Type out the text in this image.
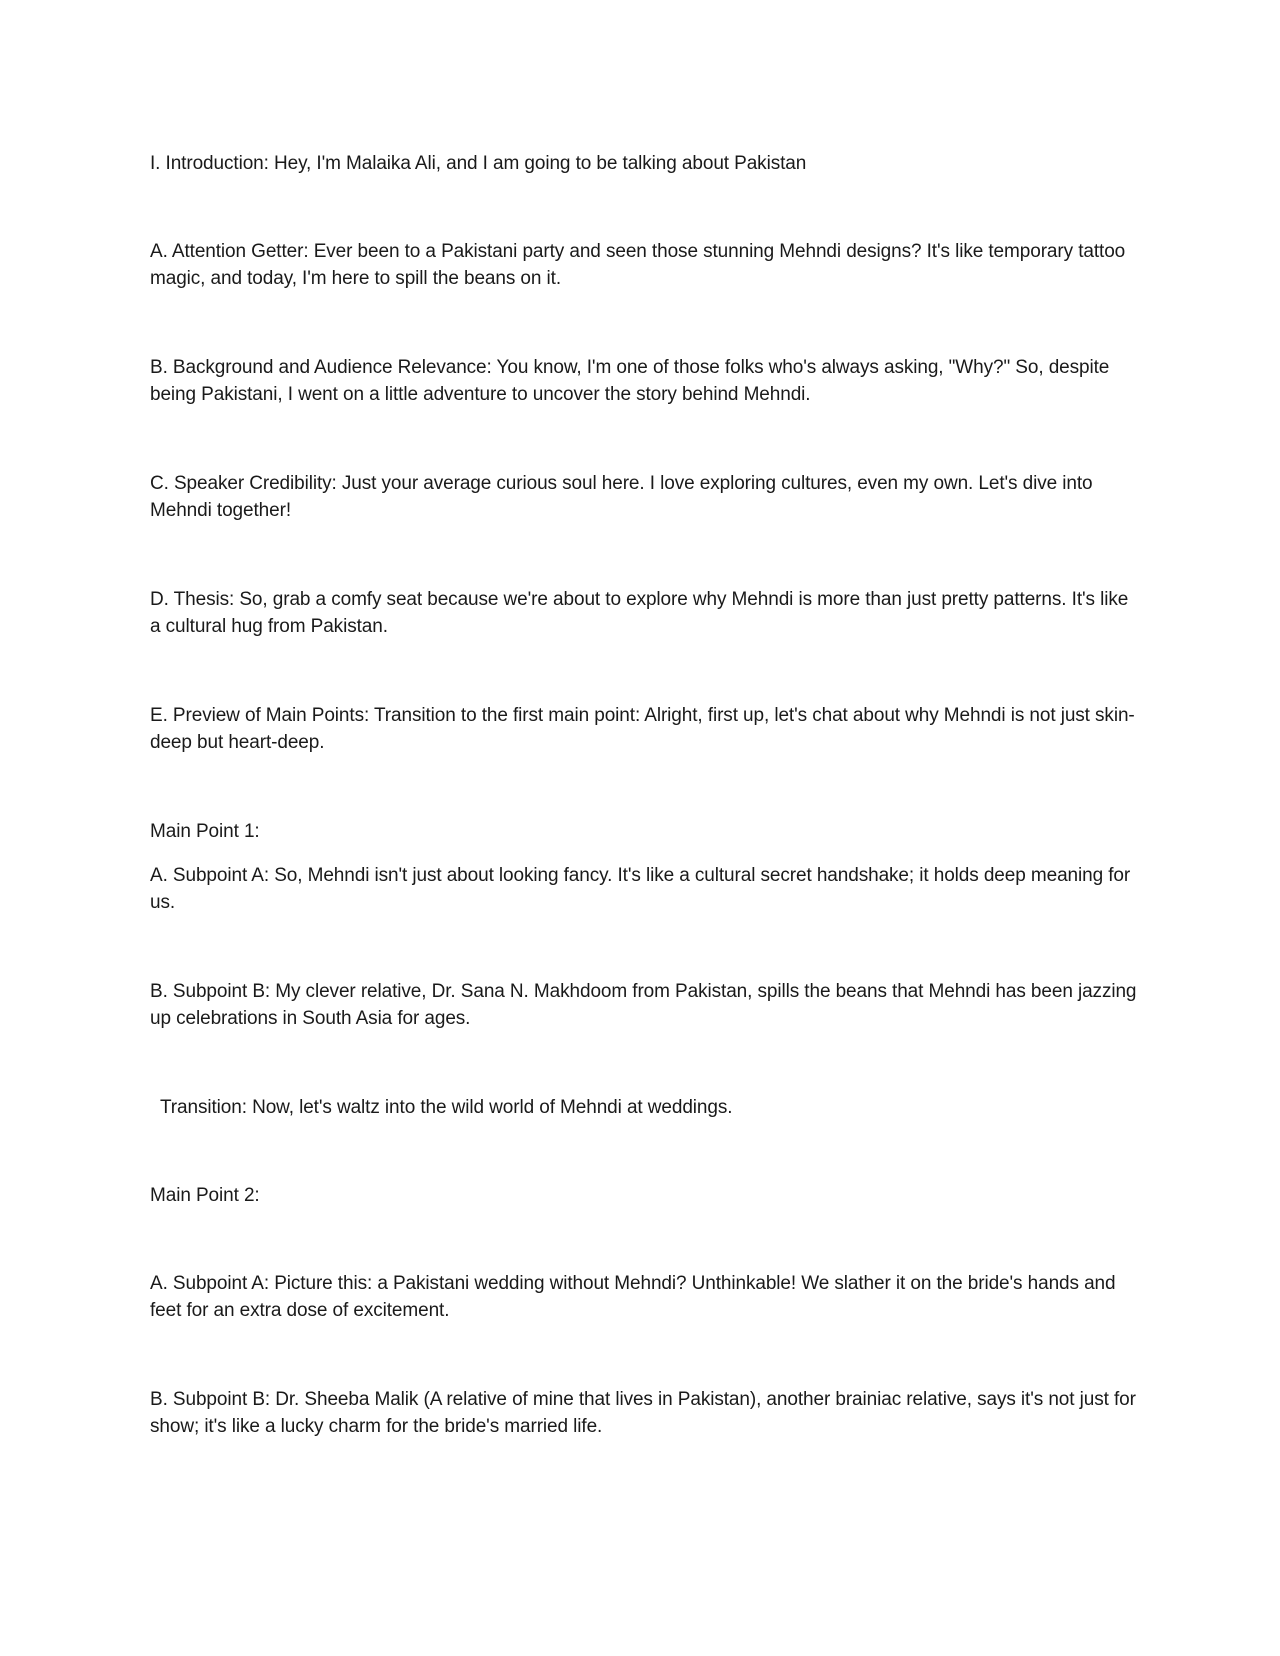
I. Introduction: Hey, I'm Malaika Ali, and I am going to be talking about Pakistan

A. Attention Getter: Ever been to a Pakistani party and seen those stunning Mehndi designs? It's like temporary tattoo magic, and today, I'm here to spill the beans on it.

B. Background and Audience Relevance: You know, I'm one of those folks who's always asking, "Why?" So, despite being Pakistani, I went on a little adventure to uncover the story behind Mehndi.

C. Speaker Credibility: Just your average curious soul here. I love exploring cultures, even my own. Let's dive into Mehndi together!

D. Thesis: So, grab a comfy seat because we're about to explore why Mehndi is more than just pretty patterns. It's like a cultural hug from Pakistan.

E. Preview of Main Points: Transition to the first main point: Alright, first up, let's chat about why Mehndi is not just skin-deep but heart-deep.

Main Point 1:

A. Subpoint A: So, Mehndi isn't just about looking fancy. It's like a cultural secret handshake; it holds deep meaning for us.

B. Subpoint B: My clever relative, Dr. Sana N. Makhdoom from Pakistan, spills the beans that Mehndi has been jazzing up celebrations in South Asia for ages.

Transition: Now, let's waltz into the wild world of Mehndi at weddings.

Main Point 2:

A. Subpoint A: Picture this: a Pakistani wedding without Mehndi? Unthinkable! We slather it on the bride's hands and feet for an extra dose of excitement.

B. Subpoint B: Dr. Sheeba Malik (A relative of mine that lives in Pakistan), another brainiac relative, says it's not just for show; it's like a lucky charm for the bride's married life.
